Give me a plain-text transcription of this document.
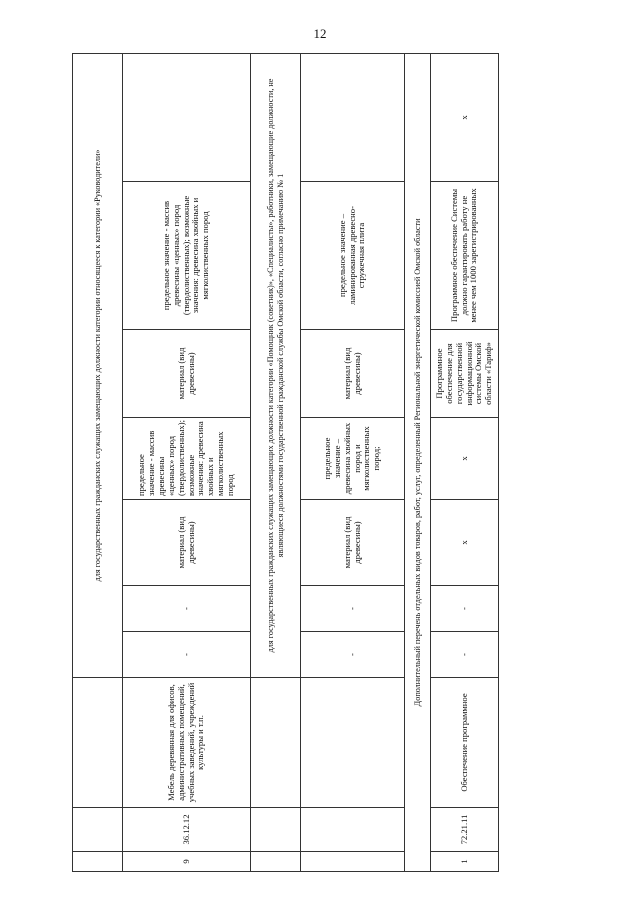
12
			для государственных гражданских служащих замещающих должности категории относящееся к категории «Руководители»						
9	36.12.12	Мебель деревянная для офисов, административных помещений, учебных заведений, учреждений культуры и т.п.	-	-	материал (вид древесины)	предельное значение - массив древесины «ценных» пород (твердолиственных); возможные значения: древесина хвойных и мягколиственных пород	материал (вид древесины)	предельное значение - массив древесины «ценных» пород (твердолиственных); возможные значения: древесина хвойных и мягколиственных пород	
			для государственных гражданских служащих замещающих должности категории «Помощник (советник)», «Специалисты», работники, замещающие должности, не являющиеся должностями государственной гражданской службы Омской области, согласно примечанию № 1						
			-	-	материал (вид древесины)	предельное значение – древесина хвойных пород и мягколиственных пород;	материал (вид древесины)	предельное значение – ламинированная древесно-стружечная плита	
Дополнительный перечень отдельных видов товаров, работ, услуг, определенный Региональной энергетической комиссией Омской области									
1	72.21.11	Обеспечение программное	-	-	х	х	Программное обеспечение для государственной информационной системы Омской области «Тариф»	Программное обеспечение Системы должно гарантировать работу не менее чем 1000 зарегистрированных	х
